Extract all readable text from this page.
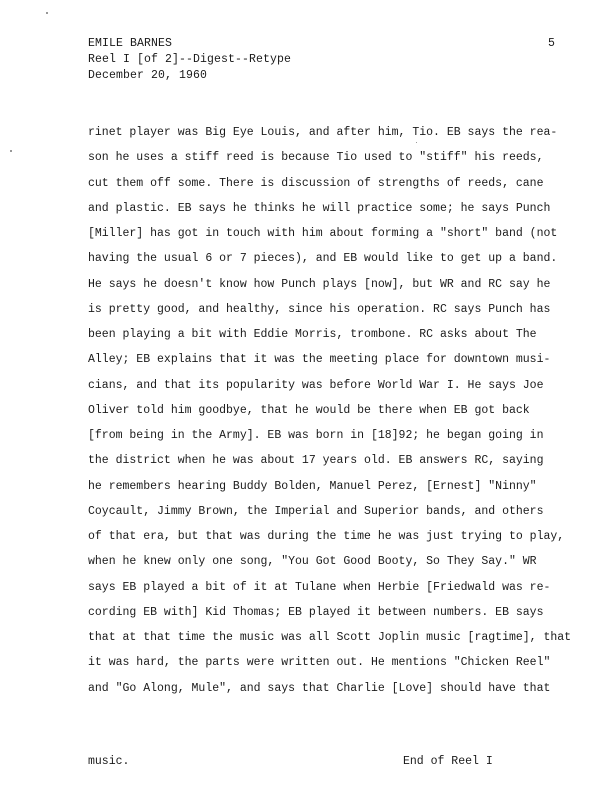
EMILE BARNES
Reel I [of 2]--Digest--Retype
December 20, 1960
5
rinet player was Big Eye Louis, and after him, Tio. EB says the rea-
son he uses a stiff reed is because Tio used to "stiff" his reeds,
cut them off some. There is discussion of strengths of reeds, cane
and plastic. EB says he thinks he will practice some; he says Punch
[Miller] has got in touch with him about forming a "short" band (not
having the usual 6 or 7 pieces), and EB would like to get up a band.
He says he doesn't know how Punch plays [now], but WR and RC say he
is pretty good, and healthy, since his operation. RC says Punch has
been playing a bit with Eddie Morris, trombone. RC asks about The
Alley; EB explains that it was the meeting place for downtown musi-
cians, and that its popularity was before World War I. He says Joe
Oliver told him goodbye, that he would be there when EB got back
[from being in the Army]. EB was born in [18]92; he began going in
the district when he was about 17 years old. EB answers RC, saying
he remembers hearing Buddy Bolden, Manuel Perez, [Ernest] "Ninny"
Coycault, Jimmy Brown, the Imperial and Superior bands, and others
of that era, but that was during the time he was just trying to play,
when he knew only one song, "You Got Good Booty, So They Say." WR
says EB played a bit of it at Tulane when Herbie [Friedwald was re-
cording EB with] Kid Thomas; EB played it between numbers. EB says
that at that time the music was all Scott Joplin music [ragtime], that
it was hard, the parts were written out. He mentions "Chicken Reel"
and "Go Along, Mule", and says that Charlie [Love] should have that
music.	End of Reel I
